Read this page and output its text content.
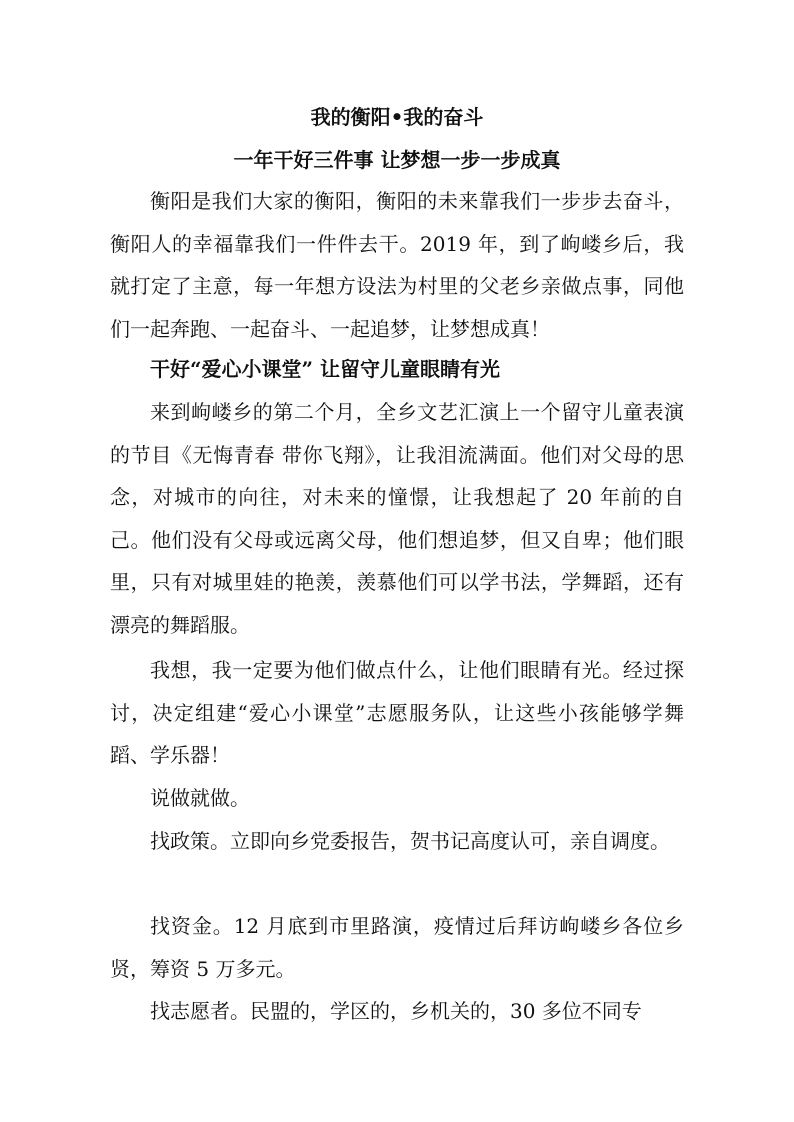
我的衡阳•我的奋斗
一年干好三件事 让梦想一步一步成真

衡阳是我们大家的衡阳，衡阳的未来靠我们一步步去奋斗，衡阳人的幸福靠我们一件件去干。2019 年，到了岣嵝乡后，我就打定了主意，每一年想方设法为村里的父老乡亲做点事，同他们一起奔跑、一起奋斗、一起追梦，让梦想成真！

干好“爱心小课堂” 让留守儿童眼睛有光

来到岣嵝乡的第二个月，全乡文艺汇演上一个留守儿童表演的节目《无悔青春 带你飞翔》，让我泪流满面。他们对父母的思念，对城市的向往，对未来的憧憬，让我想起了 20 年前的自己。他们没有父母或远离父母，他们想追梦，但又自卑；他们眼里，只有对城里娃的艳羡，羡慕他们可以学书法，学舞蹈，还有漂亮的舞蹈服。

我想，我一定要为他们做点什么，让他们眼睛有光。经过探讨，决定组建“爱心小课堂”志愿服务队，让这些小孩能够学舞蹈、学乐器！

说做就做。

找政策。立即向乡党委报告，贺书记高度认可，亲自调度。

找资金。12 月底到市里路演，疫情过后拜访岣嵝乡各位乡贤，筹资 5 万多元。

找志愿者。民盟的，学区的，乡机关的，30 多位不同专
